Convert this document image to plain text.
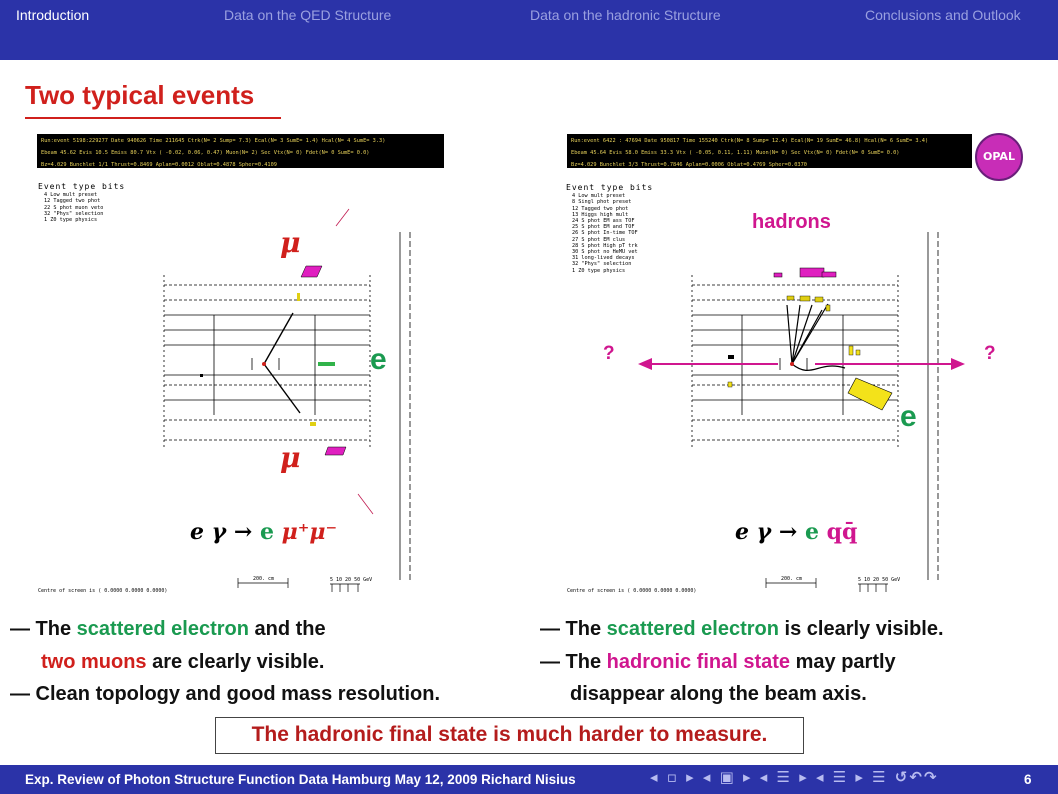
Introduction	Data on the QED Structure	Data on the hadronic Structure	Conclusions and Outlook
Two typical events
Run:event 5198:229277 Date 940626 Time 211645 Ctrk(N= 2 Sump= 7.3) Ecal(N= 3 SumE= 1.4) Hcal(N= 4 SumE= 3.3)
Ebeam 45.62 Evis 10.5 Emiss 80.7 Vtx ( -0.02, 0.06, 0.47) Muon(N= 2) Sec Vtx(N= 0) Fdet(N= 0 SumE= 0.0)
Bz=4.029 Bunchlet 1/1 Thrust=0.8469 Aplan=0.0012 Oblat=0.4878 Spher=0.4109
Event type bits
4 Low mult preset
12 Tagged two phot
22 S phot muon veto
32 "Phys" selection
1 Z0 type physics
μ
μ
e
e γ → e μ⁺μ⁻
Centre of screen is ( 0.0000 0.0000 0.0000)
200. cm	5 10 20 50 GeV
Run:event 6422 : 47694 Date 950817 Time 155240 Ctrk(N= 8 Sump= 12.4) Ecal(N= 19 SumE= 46.8) Hcal(N= 6 SumE= 3.4)
Ebeam 45.64 Evis 58.0 Emiss 33.3 Vtx ( -0.05, 0.11, 1.11) Muon(N= 0) Sec Vtx(N= 0) Fdet(N= 0 SumE= 0.0)
Bz=4.029 Bunchlet 3/3 Thrust=0.7846 Aplan=0.0006 Oblat=0.4769 Spher=0.0370
OPAL
Event type bits
4 Low mult preset
8 Singl phot preset
12 Tagged two phot
13 Higgs high mult
24 S phot EM ass TOF
25 S phot EM and TOF
26 S phot In-time TOF
27 S phot EM clus
28 S phot High pT trk
30 S phot no HeMU vet
31 long-lived decays
32 "Phys" selection
1 Z0 type physics
hadrons
?	?
e
e γ → e qq̄
Centre of screen is ( 0.0000 0.0000 0.0000)
200. cm	5 10 20 50 GeV
— The scattered electron and the
two muons are clearly visible.
— Clean topology and good mass resolution.
— The scattered electron is clearly visible.
— The hadronic final state may partly
disappear along the beam axis.
The hadronic final state is much harder to measure.
Exp. Review of Photon Structure Function Data Hamburg May 12, 2009 Richard Nisius	◂ ▫ ▸ ◂ ▣ ▸ ◂ ☰ ▸ ◂ ☰ ▸ ☰ ↺↶↷	6
